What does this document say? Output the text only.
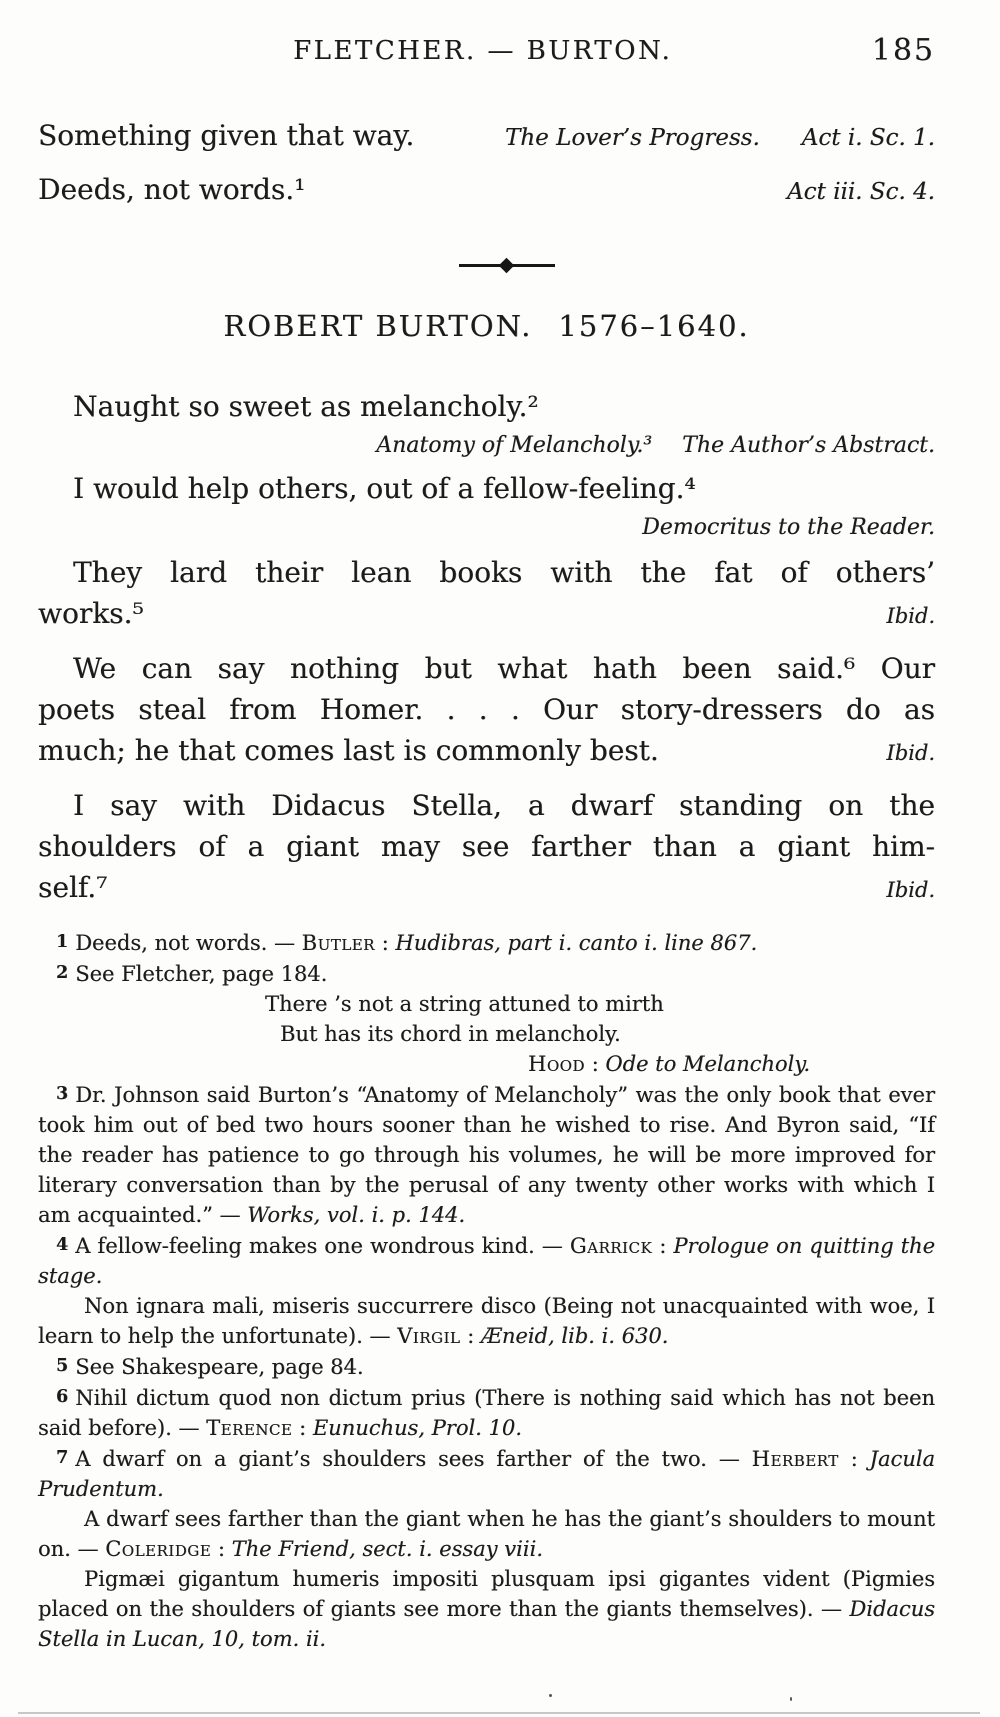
FLETCHER. — BURTON.	185
Something given that way.	The Lover’s Progress. Act i. Sc. 1.
Deeds, not words.¹	Act iii. Sc. 4.
ROBERT BURTON. 1576–1640.
Naught so sweet as melancholy.²
Anatomy of Melancholy.³ The Author’s Abstract.
I would help others, out of a fellow-feeling.⁴
Democritus to the Reader.
They lard their lean books with the fat of others’
works.⁵	Ibid.
We can say nothing but what hath been said.⁶ Our
poets steal from Homer. . . . Our story-dressers do as
much; he that comes last is commonly best.	Ibid.
I say with Didacus Stella, a dwarf standing on the
shoulders of a giant may see farther than a giant him-
self.⁷	Ibid.
1 Deeds, not words. — Butler : Hudibras, part i. canto i. line 867.
2 See Fletcher, page 184.
There ’s not a string attuned to mirth
But has its chord in melancholy.
Hood : Ode to Melancholy.
3 Dr. Johnson said Burton’s “Anatomy of Melancholy” was the only book that ever took him out of bed two hours sooner than he wished to rise. And Byron said, “If the reader has patience to go through his volumes, he will be more improved for literary conversation than by the perusal of any twenty other works with which I am acquainted.” — Works, vol. i. p. 144.
4 A fellow-feeling makes one wondrous kind. — Garrick : Prologue on quitting the stage.
Non ignara mali, miseris succurrere disco (Being not unacquainted with woe, I learn to help the unfortunate). — Virgil : Æneid, lib. i. 630.
5 See Shakespeare, page 84.
6 Nihil dictum quod non dictum prius (There is nothing said which has not been said before). — Terence : Eunuchus, Prol. 10.
7 A dwarf on a giant’s shoulders sees farther of the two. — Herbert : Jacula Prudentum.
A dwarf sees farther than the giant when he has the giant’s shoulders to mount on. — Coleridge : The Friend, sect. i. essay viii.
Pigmæi gigantum humeris impositi plusquam ipsi gigantes vident (Pigmies placed on the shoulders of giants see more than the giants themselves). — Didacus Stella in Lucan, 10, tom. ii.
